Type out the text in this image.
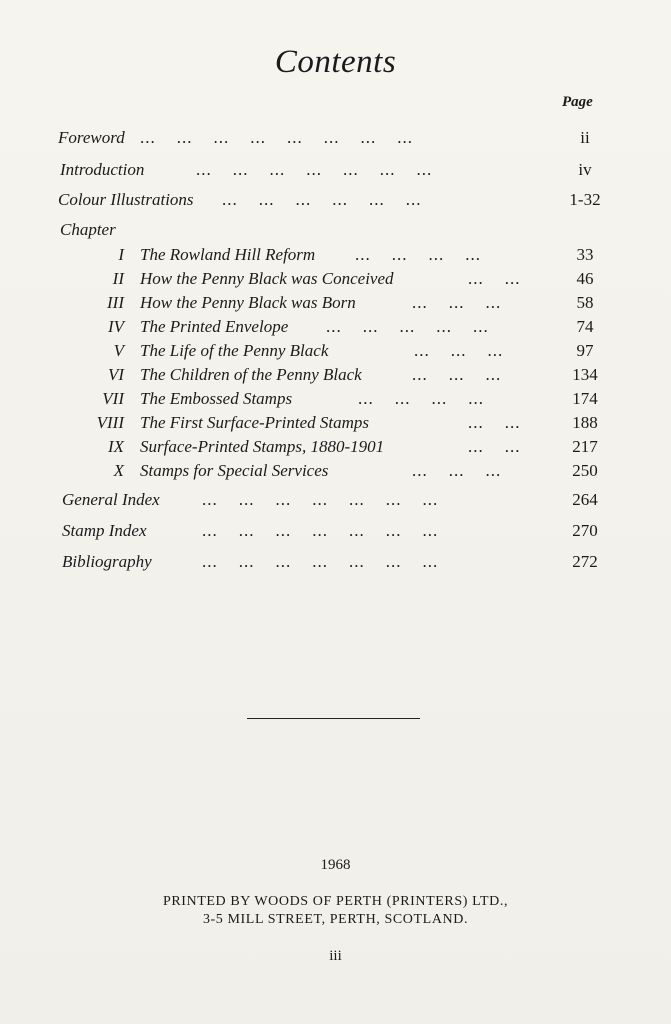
Contents
Page
Foreword ...    ...    ...    ...    ...    ...    ...    ...	ii
Introduction	...    ...    ...    ...    ...    ...    ...	iv
Colour Illustrations ...    ...    ...    ...    ...    ...	1-32
Chapter
I The Rowland Hill Reform ...    ...    ...    ...	33
II How the Penny Black was Conceived	...    ...	46
III How the Penny Black was Born	...    ...    ...	58
IV The Printed Envelope ...    ...    ...    ...    ...	74
V The Life of the Penny Black	...    ...    ...	97
VI The Children of the Penny Black	...    ...    ...	134
VII The Embossed Stamps	...    ...    ...    ...	174
VIII The First Surface-Printed Stamps	...    ...	188
IX Surface-Printed Stamps, 1880-1901	...    ...	217
X Stamps for Special Services	...    ...    ...	250
General Index ...    ...    ...    ...    ...    ...    ...	264
Stamp Index	...    ...    ...    ...    ...    ...    ...	270
Bibliography	...    ...    ...    ...    ...    ...    ...	272
1968
PRINTED BY WOODS OF PERTH (PRINTERS) LTD.,
3-5 MILL STREET, PERTH, SCOTLAND.
iii
